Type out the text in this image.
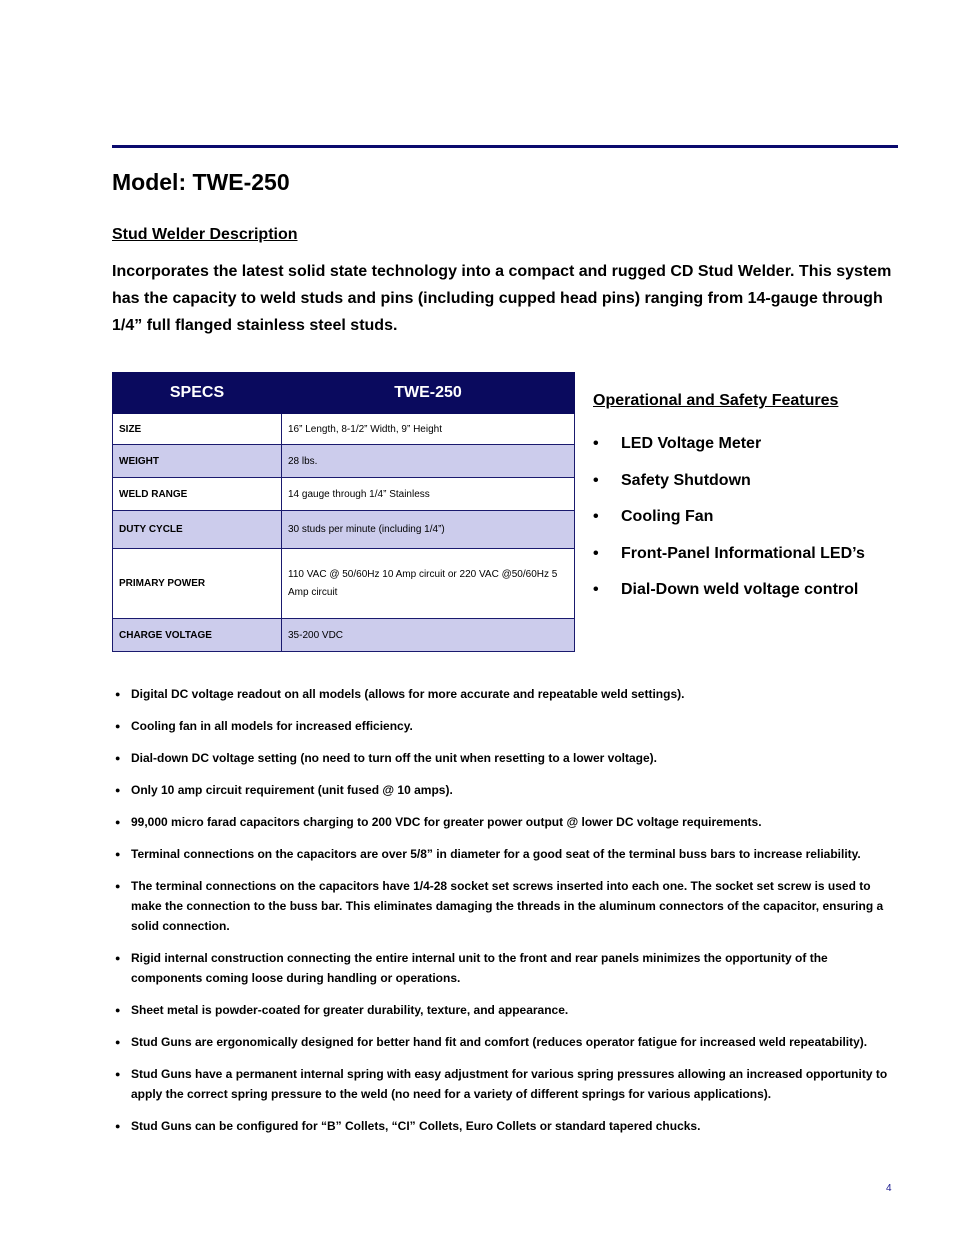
Model: TWE-250
Stud Welder Description
Incorporates the latest solid state technology into a compact and rugged CD Stud Welder. This system has the capacity to weld studs and pins (including cupped head pins) ranging from 14-gauge through 1/4” full flanged stainless steel studs.
SPECS	TWE-250
SIZE	16” Length, 8-1/2” Width, 9” Height
WEIGHT	28 lbs.
WELD RANGE	14 gauge through 1/4” Stainless
DUTY CYCLE	30 studs per minute (including 1/4”)
PRIMARY POWER	110 VAC @ 50/60Hz 10 Amp circuit or 220 VAC @50/60Hz 5 Amp circuit
CHARGE VOLTAGE	35-200 VDC
Operational and Safety Features
• LED Voltage Meter
• Safety Shutdown
• Cooling Fan
• Front-Panel Informational LED’s
• Dial-Down weld voltage control
● Digital DC voltage readout on all models (allows for more accurate and repeatable weld settings).
● Cooling fan in all models for increased efficiency.
● Dial-down DC voltage setting (no need to turn off the unit when resetting to a lower voltage).
● Only 10 amp circuit requirement (unit fused @ 10 amps).
● 99,000 micro farad capacitors charging to 200 VDC for greater power output @ lower DC voltage requirements.
● Terminal connections on the capacitors are over 5/8” in diameter for a good seat of the terminal buss bars to increase reliability.
● The terminal connections on the capacitors have 1/4-28 socket set screws inserted into each one. The socket set screw is used to make the connection to the buss bar. This eliminates damaging the threads in the aluminum connectors of the capacitor, ensuring a solid connection.
● Rigid internal construction connecting the entire internal unit to the front and rear panels minimizes the opportunity of the components coming loose during handling or operations.
● Sheet metal is powder-coated for greater durability, texture, and appearance.
● Stud Guns are ergonomically designed for better hand fit and comfort (reduces operator fatigue for increased weld repeatability).
● Stud Guns have a permanent internal spring with easy adjustment for various spring pressures allowing an increased opportunity to apply the correct spring pressure to the weld (no need for a variety of different springs for various applications).
● Stud Guns can be configured for “B” Collets, “CI” Collets, Euro Collets or standard tapered chucks.
4
